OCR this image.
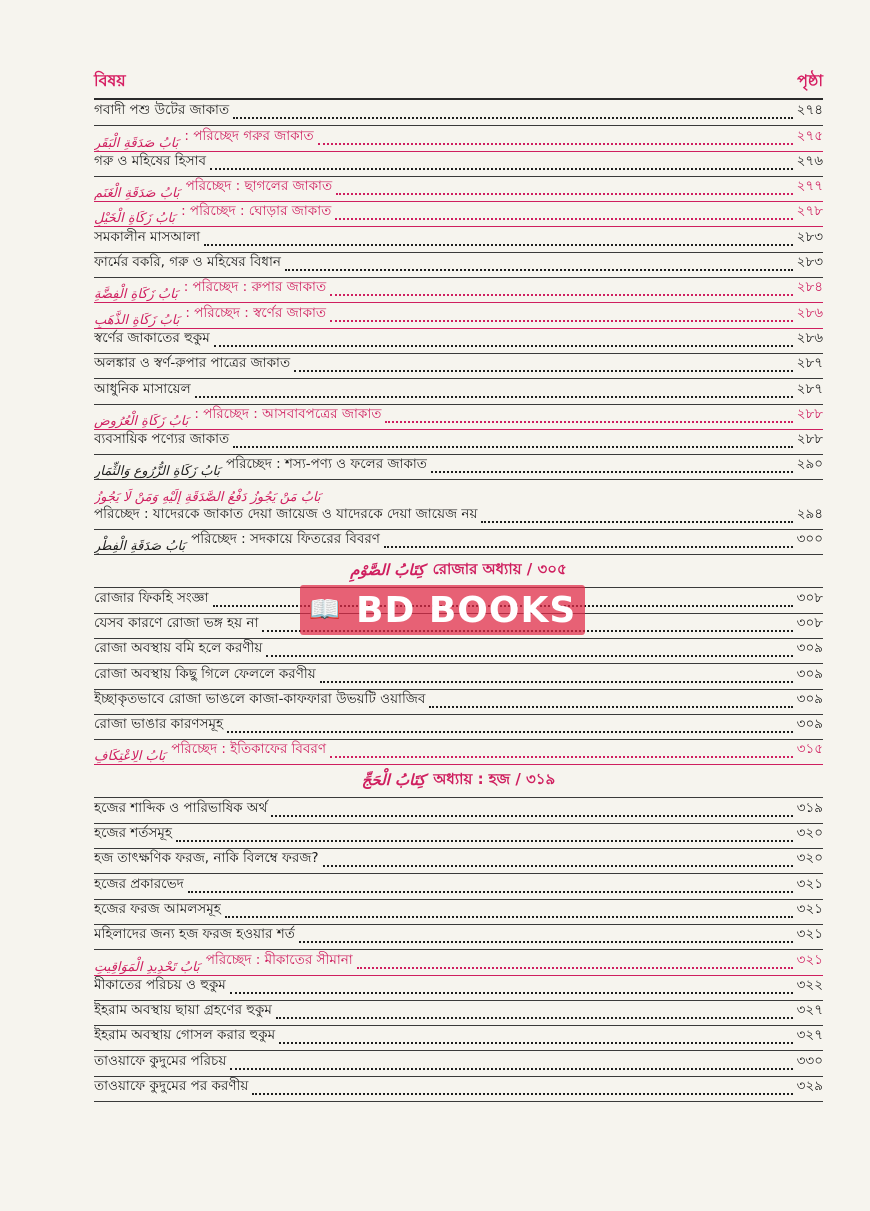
বিষয়	পৃষ্ঠা
গবাদী পশু উটের জাকাত	২৭৪
بَابُ صَدَقَةِ الْبَقَرِ : পরিচ্ছেদ গরুর জাকাত	২৭৫
গরু ও মহিষের হিসাব	২৭৬
بَابُ صَدَقَةِ الْغَنَمِ পরিচ্ছেদ : ছাগলের জাকাত	২৭৭
بَابُ زَكَاةِ الْخَيْلِ : পরিচ্ছেদ : ঘোড়ার জাকাত	২৭৮
সমকালীন মাসআলা	২৮৩
ফার্মের বকরি, গরু ও মহিষের বিধান	২৮৩
بَابُ زَكَاةِ الْفِضَّةِ : পরিচ্ছেদ : রুপার জাকাত	২৮৪
بَابُ زَكَاةِ الذَّهَبِ : পরিচ্ছেদ : স্বর্ণের জাকাত	২৮৬
স্বর্ণের জাকাতের হুকুম	২৮৬
অলঙ্কার ও স্বর্ণ-রুপার পাত্রের জাকাত	২৮৭
আধুনিক মাসায়েল	২৮৭
بَابُ زَكَاةِ الْعُرُوضِ : পরিচ্ছেদ : আসবাবপত্রের জাকাত	২৮৮
ব্যবসায়িক পণ্যের জাকাত	২৮৮
بَابُ زَكَاةِ الزُّرُوعِ وَالثِّمَارِ পরিচ্ছেদ : শস্য-পণ্য ও ফলের জাকাত	২৯০
بَابُ مَنْ يَجُوزُ دَفْعُ الصَّدَقَةِ إِلَيْهِ وَمَنْ لَا يَجُوزُ
পরিচ্ছেদ : যাদেরকে জাকাত দেয়া জায়েজ ও যাদেরকে দেয়া জায়েজ নয়	২৯৪
بَابُ صَدَقَةِ الْفِطْرِ পরিচ্ছেদ : সদকায়ে ফিতরের বিবরণ	৩০০
كِتَابُ الصَّوْمِ রোজার অধ্যায় / ৩০৫
রোজার ফিকহি সংজ্ঞা	৩০৮
যেসব কারণে রোজা ভঙ্গ হয় না	৩০৮
রোজা অবস্থায় বমি হলে করণীয়	৩০৯
রোজা অবস্থায় কিছু গিলে ফেললে করণীয়	৩০৯
ইচ্ছাকৃতভাবে রোজা ভাঙলে কাজা-কাফফারা উভয়টি ওয়াজিব	৩০৯
রোজা ভাঙার কারণসমূহ	৩০৯
بَابُ الِاعْتِكَافِ পরিচ্ছেদ : ইতিকাফের বিবরণ	৩১৫
كِتَابُ الْحَجِّ অধ্যায় : হজ / ৩১৯
হজের শাব্দিক ও পারিভাষিক অর্থ	৩১৯
হজের শর্তসমূহ	৩২০
হজ তাৎক্ষণিক ফরজ, নাকি বিলম্বে ফরজ?	৩২০
হজের প্রকারভেদ	৩২১
হজের ফরজ আমলসমূহ	৩২১
মহিলাদের জন্য হজ ফরজ হওয়ার শর্ত	৩২১
بَابُ تَحْدِيدِ الْمَوَاقِيتِ পরিচ্ছেদ : মীকাতের সীমানা	৩২১
মীকাতের পরিচয় ও হুকুম	৩২২
ইহরাম অবস্থায় ছায়া গ্রহণের হুকুম	৩২৭
ইহরাম অবস্থায় গোসল করার হুকুম	৩২৭
তাওয়াফে কুদুমের পরিচয়	৩৩০
তাওয়াফে কুদুমের পর করণীয়	৩২৯
📖 BD BOOKS
